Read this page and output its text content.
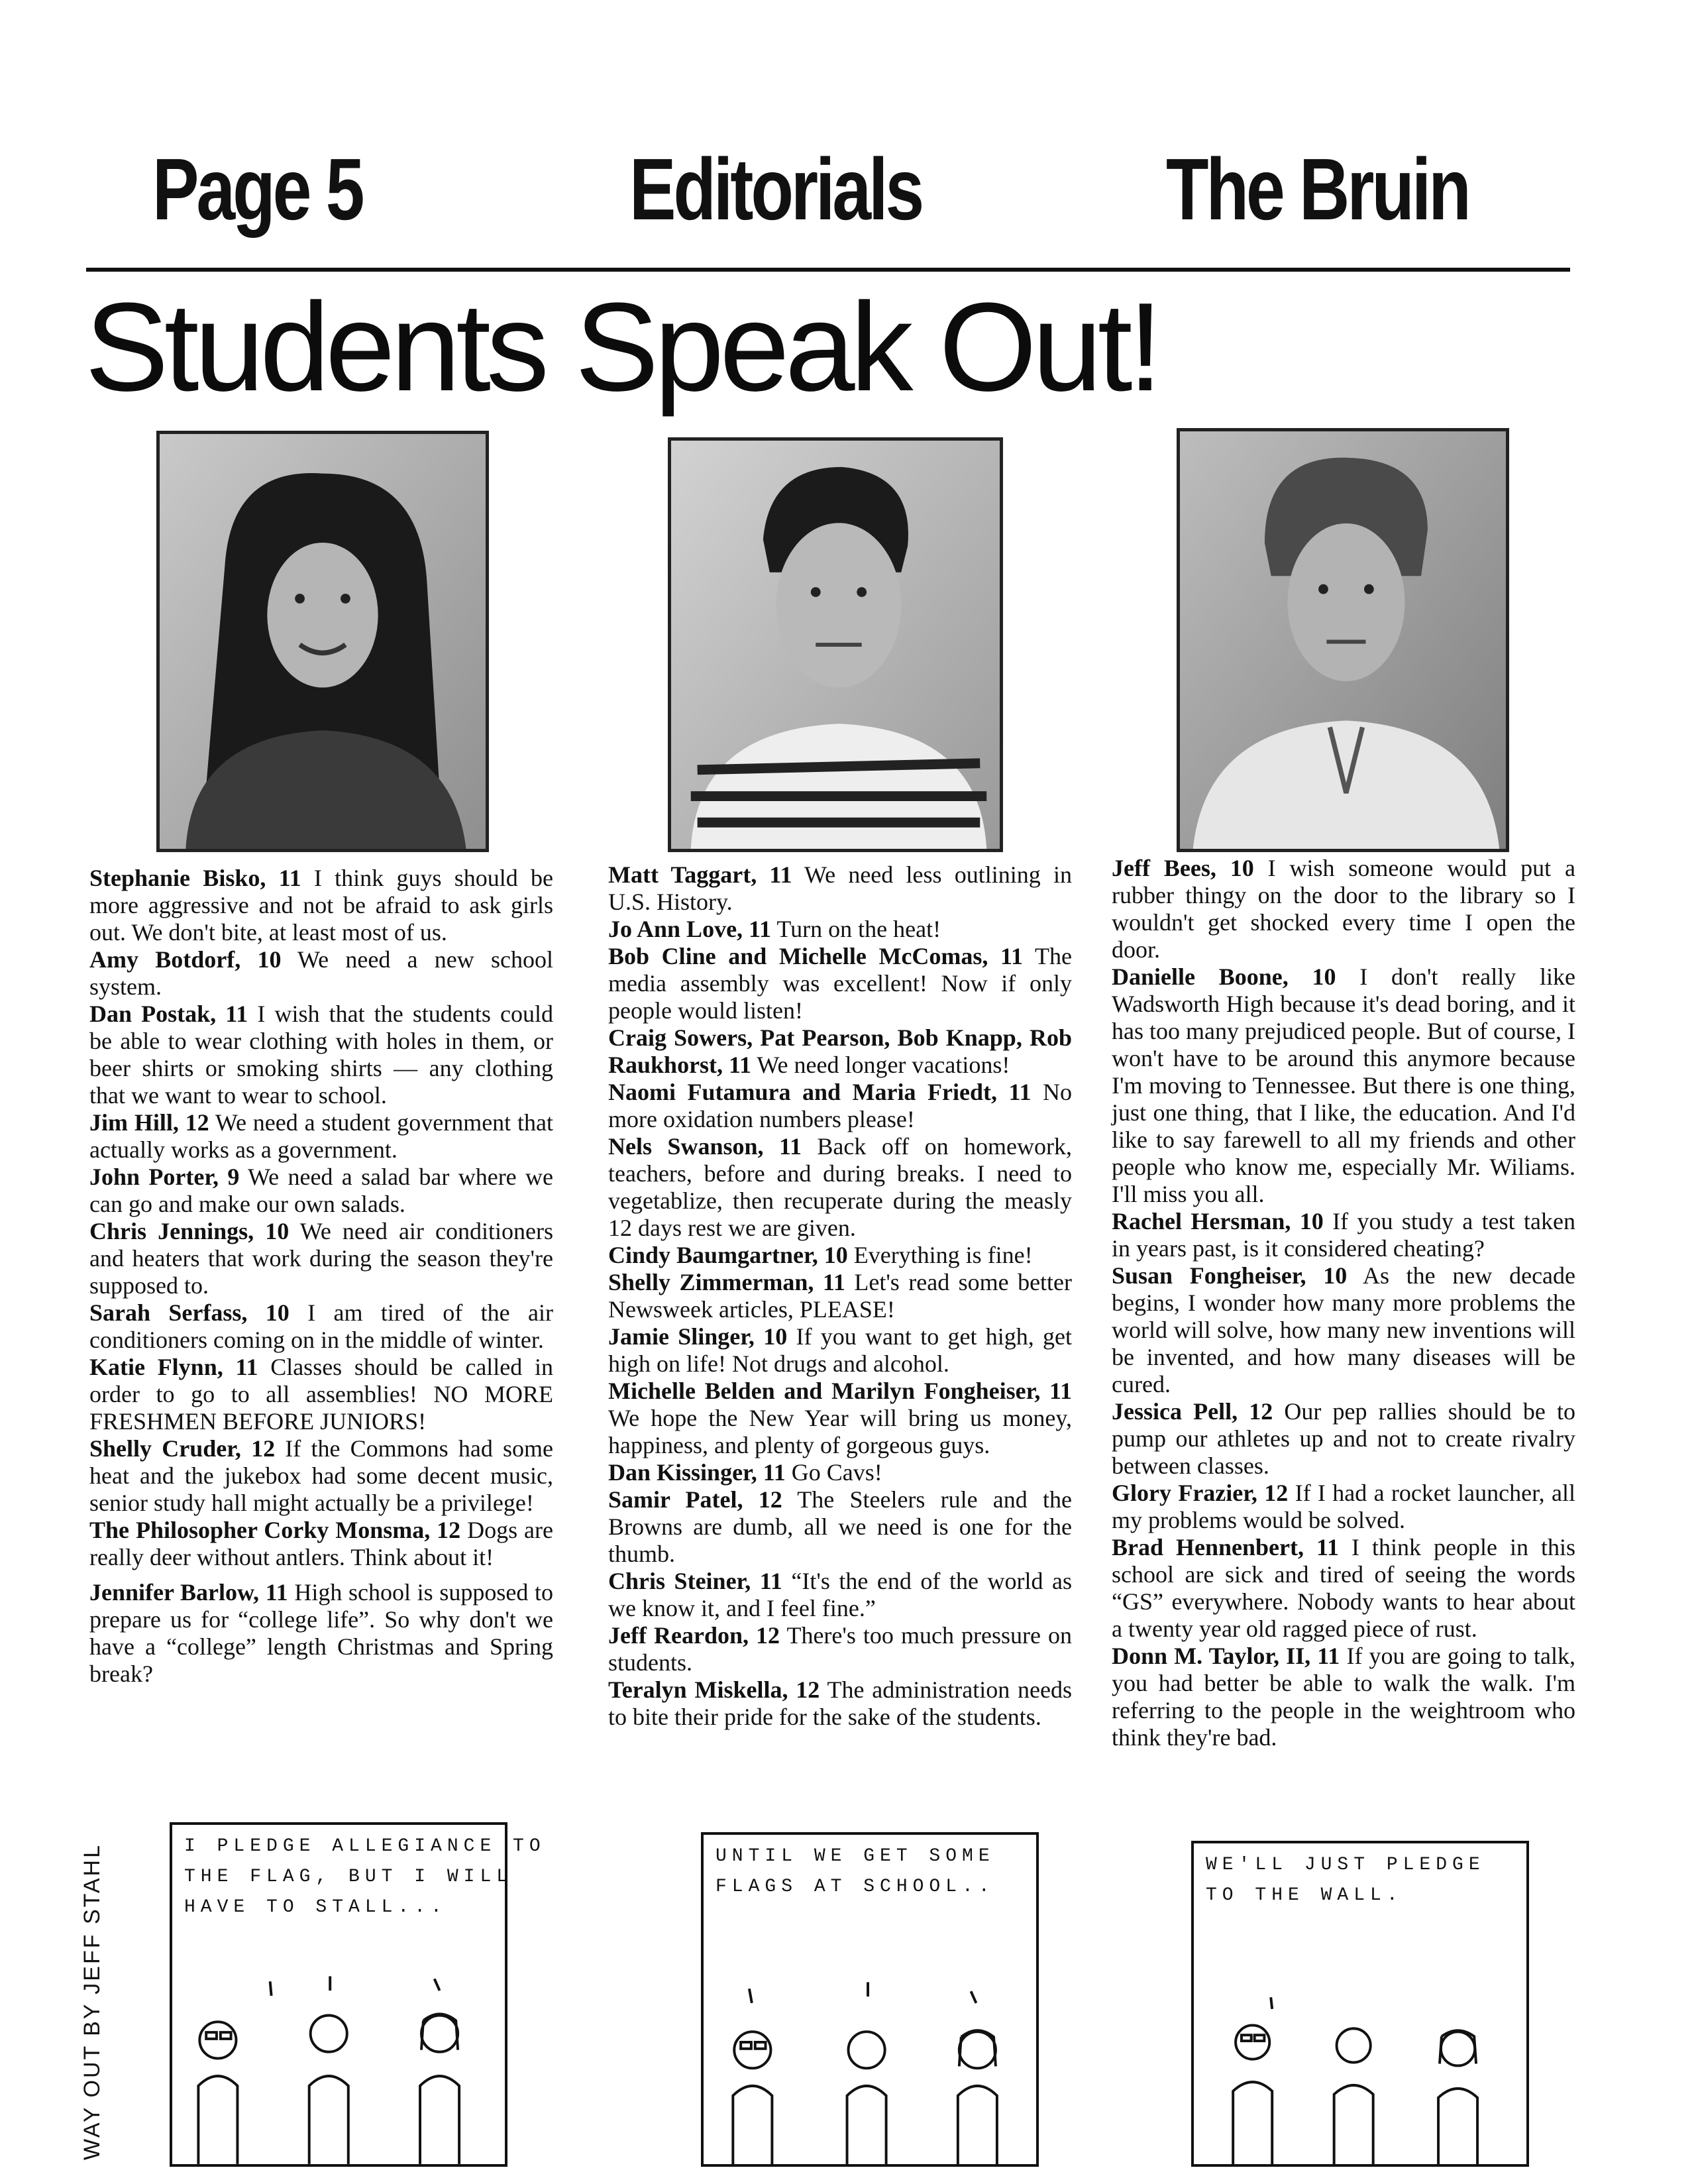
Page 5	Editorials	The Bruin
Students Speak Out!

Stephanie Bisko, 11 I think guys should be more aggressive and not be afraid to ask girls out. We don't bite, at least most of us.

Amy Botdorf, 10 We need a new school system.

Dan Postak, 11 I wish that the students could be able to wear clothing with holes in them, or beer shirts or smoking shirts — any clothing that we want to wear to school.

Jim Hill, 12 We need a student government that actually works as a government.

John Porter, 9 We need a salad bar where we can go and make our own salads.

Chris Jennings, 10 We need air conditioners and heaters that work during the season they're supposed to.

Sarah Serfass, 10 I am tired of the air conditioners coming on in the middle of winter.

Katie Flynn, 11 Classes should be called in order to go to all assemblies! NO MORE FRESHMEN BEFORE JUNIORS!

Shelly Cruder, 12 If the Commons had some heat and the jukebox had some decent music, senior study hall might actually be a privilege!

The Philosopher Corky Monsma, 12 Dogs are really deer without antlers. Think about it!

Jennifer Barlow, 11 High school is supposed to prepare us for “college life”. So why don't we have a “college” length Christmas and Spring break?

Matt Taggart, 11 We need less outlining in U.S. History.

Jo Ann Love, 11 Turn on the heat!

Bob Cline and Michelle McComas, 11 The media assembly was excellent! Now if only people would listen!

Craig Sowers, Pat Pearson, Bob Knapp, Rob Raukhorst, 11 We need longer vacations!

Naomi Futamura and Maria Friedt, 11 No more oxidation numbers please!

Nels Swanson, 11 Back off on homework, teachers, before and during breaks. I need to vegetablize, then recuperate during the measly 12 days rest we are given.

Cindy Baumgartner, 10 Everything is fine!

Shelly Zimmerman, 11 Let's read some better Newsweek articles, PLEASE!

Jamie Slinger, 10 If you want to get high, get high on life! Not drugs and alcohol.

Michelle Belden and Marilyn Fongheiser, 11 We hope the New Year will bring us money, happiness, and plenty of gorgeous guys.

Dan Kissinger, 11 Go Cavs!

Samir Patel, 12 The Steelers rule and the Browns are dumb, all we need is one for the thumb.

Chris Steiner, 11 “It's the end of the world as we know it, and I feel fine.”

Jeff Reardon, 12 There's too much pressure on students.

Teralyn Miskella, 12 The administration needs to bite their pride for the sake of the students.

Jeff Bees, 10 I wish someone would put a rubber thingy on the door to the library so I wouldn't get shocked every time I open the door.

Danielle Boone, 10 I don't really like Wadsworth High because it's dead boring, and it has too many prejudiced people. But of course, I won't have to be around this anymore because I'm moving to Tennessee. But there is one thing, just one thing, that I like, the education. And I'd like to say farewell to all my friends and other people who know me, especially Mr. Wiliams. I'll miss you all.

Rachel Hersman, 10 If you study a test taken in years past, is it considered cheating?

Susan Fongheiser, 10 As the new decade begins, I wonder how many more problems the world will solve, how many new inventions will be invented, and how many diseases will be cured.

Jessica Pell, 12 Our pep rallies should be to pump our athletes up and not to create rivalry between classes.

Glory Frazier, 12 If I had a rocket launcher, all my problems would be solved.

Brad Hennenbert, 11 I think people in this school are sick and tired of seeing the words “GS” everywhere. Nobody wants to hear about a twenty year old ragged piece of rust.

Donn M. Taylor, II, 11 If you are going to talk, you had better be able to walk the walk. I'm referring to the people in the weightroom who think they're bad.

WAY OUT BY JEFF STAHL	I PLEDGE ALLEGIANCE TO
THE FLAG, BUT I WILL
HAVE TO STALL...
UNTIL WE GET SOME
FLAGS AT SCHOOL..
WE'LL JUST PLEDGE
TO THE WALL.
